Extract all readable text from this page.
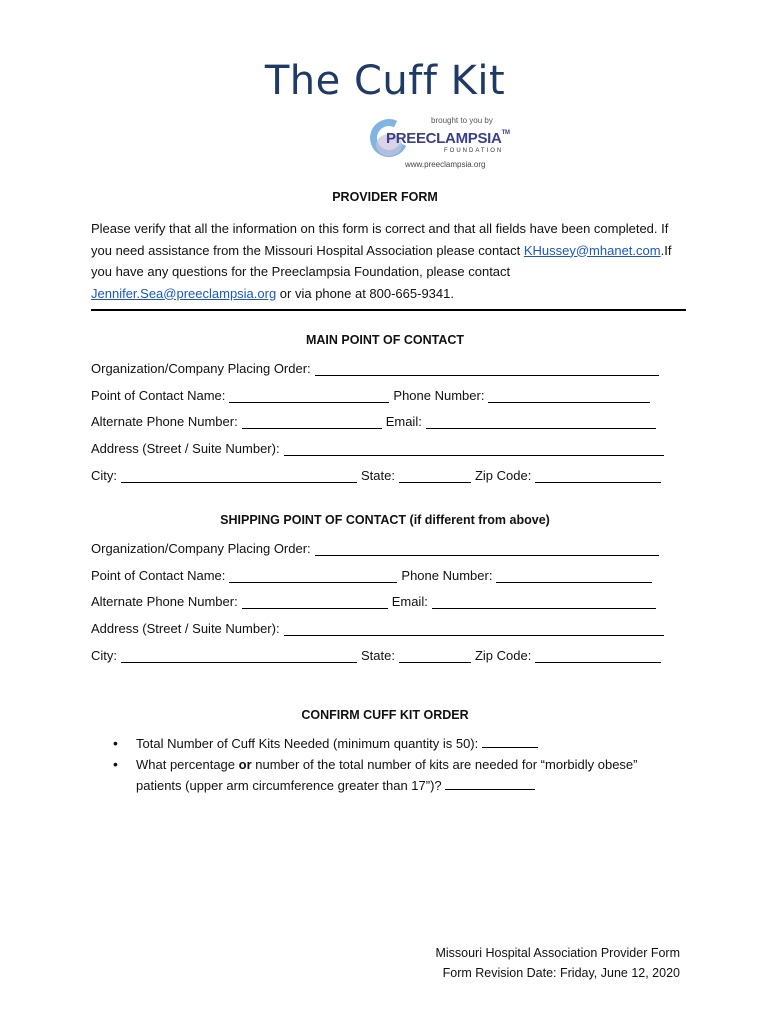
The Cuff Kit
brought to you by
PREECLAMPSIA™
FOUNDATION
www.preeclampsia.org
PROVIDER FORM
Please verify that all the information on this form is correct and that all fields have been completed. If you need assistance from the Missouri Hospital Association please contact KHussey@mhanet.com.If you have any questions for the Preeclampsia Foundation, please contact Jennifer.Sea@preeclampsia.org or via phone at 800-665-9341.
MAIN POINT OF CONTACT
Organization/Company Placing Order:
Point of Contact Name:	Phone Number:
Alternate Phone Number:	Email:
Address (Street / Suite Number):
City:	State:	Zip Code:
SHIPPING POINT OF CONTACT (if different from above)
Organization/Company Placing Order:
Point of Contact Name:	Phone Number:
Alternate Phone Number:	Email:
Address (Street / Suite Number):
City:	State:	Zip Code:
CONFIRM CUFF KIT ORDER
• Total Number of Cuff Kits Needed (minimum quantity is 50):
• What percentage or number of the total number of kits are needed for “morbidly obese” patients (upper arm circumference greater than 17”)?
Missouri Hospital Association Provider Form
Form Revision Date: Friday, June 12, 2020
